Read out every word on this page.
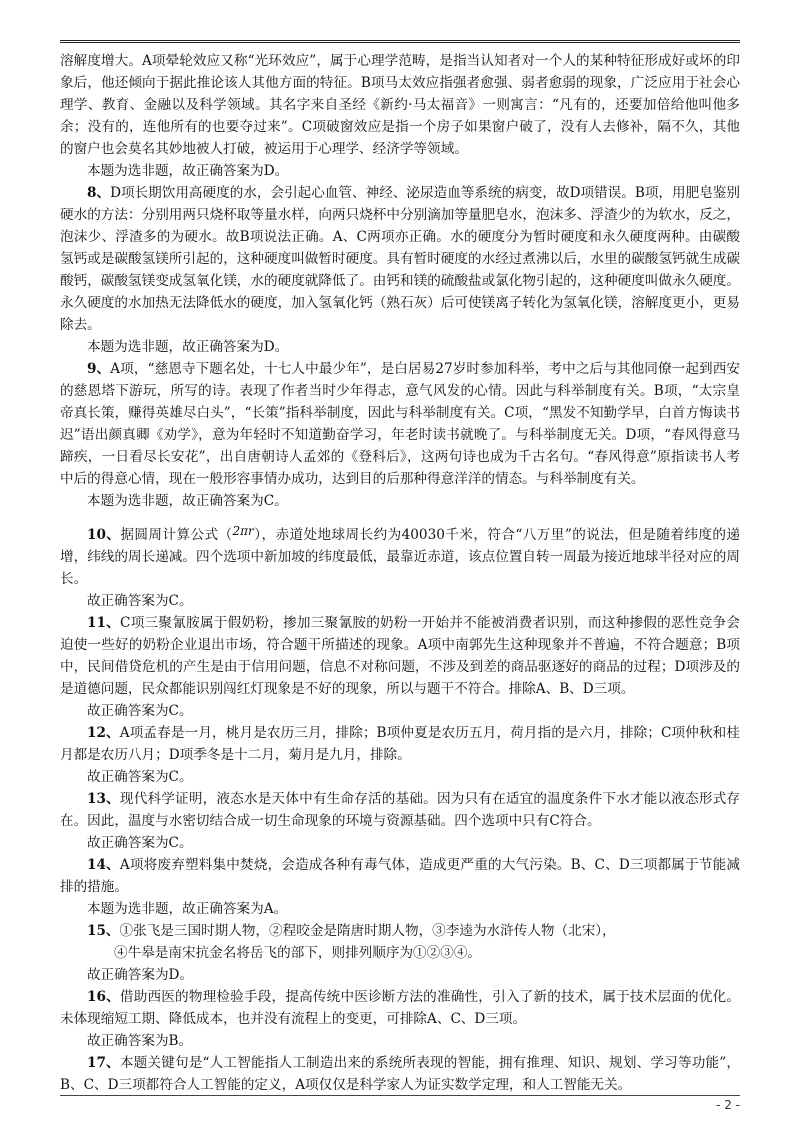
溶解度增大。A项晕轮效应又称“光环效应”，属于心理学范畴，是指当认知者对一个人的某种特征形成好或坏的印象后，他还倾向于据此推论该人其他方面的特征。B项马太效应指强者愈强、弱者愈弱的现象，广泛应用于社会心理学、教育、金融以及科学领域。其名字来自圣经《新约·马太福音》一则寓言：“凡有的，还要加倍给他叫他多余；没有的，连他所有的也要夺过来”。C项破窗效应是指一个房子如果窗户破了，没有人去修补，隔不久，其他的窗户也会莫名其妙地被人打破，被运用于心理学、经济学等领域。

本题为选非题，故正确答案为D。

8、D项长期饮用高硬度的水，会引起心血管、神经、泌尿造血等系统的病变，故D项错误。B项，用肥皂鉴别硬水的方法：分别用两只烧杯取等量水样，向两只烧杯中分别滴加等量肥皂水，泡沫多、浮渣少的为软水，反之，泡沫少、浮渣多的为硬水。故B项说法正确。A、C两项亦正确。水的硬度分为暂时硬度和永久硬度两种。由碳酸氢钙或是碳酸氢镁所引起的，这种硬度叫做暂时硬度。具有暂时硬度的水经过煮沸以后，水里的碳酸氢钙就生成碳酸钙，碳酸氢镁变成氢氧化镁，水的硬度就降低了。由钙和镁的硫酸盐或氯化物引起的，这种硬度叫做永久硬度。永久硬度的水加热无法降低水的硬度，加入氢氧化钙（熟石灰）后可使镁离子转化为氢氧化镁，溶解度更小，更易除去。

本题为选非题，故正确答案为D。

9、A项，“慈恩寺下题名处，十七人中最少年”，是白居易27岁时参加科举，考中之后与其他同僚一起到西安的慈恩塔下游玩，所写的诗。表现了作者当时少年得志，意气风发的心情。因此与科举制度有关。B项，“太宗皇帝真长策，赚得英雄尽白头”，“长策”指科举制度，因此与科举制度有关。C项，“黑发不知勤学早，白首方悔读书迟”语出颜真卿《劝学》，意为年轻时不知道勤奋学习，年老时读书就晚了。与科举制度无关。D项，“春风得意马蹄疾，一日看尽长安花”，出自唐朝诗人孟郊的《登科后》，这两句诗也成为千古名句。“春风得意”原指读书人考中后的得意心情，现在一般形容事情办成功，达到目的后那种得意洋洋的情态。与科举制度有关。

本题为选非题，故正确答案为C。

10、据圆周计算公式（2πr），赤道处地球周长约为40030千米，符合“八万里”的说法，但是随着纬度的递增，纬线的周长递减。四个选项中新加坡的纬度最低，最靠近赤道，该点位置自转一周最为接近地球半径对应的周长。

故正确答案为C。

11、C项三聚氰胺属于假奶粉，掺加三聚氰胺的奶粉一开始并不能被消费者识别，而这种掺假的恶性竞争会迫使一些好的奶粉企业退出市场，符合题干所描述的现象。A项中南郭先生这种现象并不普遍，不符合题意；B项中，民间借贷危机的产生是由于信用问题，信息不对称问题，不涉及到差的商品驱逐好的商品的过程；D项涉及的是道德问题，民众都能识别闯红灯现象是不好的现象，所以与题干不符合。排除A、B、D三项。

故正确答案为C。

12、A项孟春是一月，桃月是农历三月，排除；B项仲夏是农历五月，荷月指的是六月，排除；C项仲秋和桂月都是农历八月；D项季冬是十二月，菊月是九月，排除。

故正确答案为C。

13、现代科学证明，液态水是天体中有生命存活的基础。因为只有在适宜的温度条件下水才能以液态形式存在。因此，温度与水密切结合成一切生命现象的环境与资源基础。四个选项中只有C符合。

故正确答案为C。

14、A项将废弃塑料集中焚烧，会造成各种有毒气体，造成更严重的大气污染。B、C、D三项都属于节能减排的措施。

本题为选非题，故正确答案为A。

15、①张飞是三国时期人物，②程咬金是隋唐时期人物，③李逵为水浒传人物（北宋），

④牛皋是南宋抗金名将岳飞的部下，则排列顺序为①②③④。

故正确答案为D。

16、借助西医的物理检验手段，提高传统中医诊断方法的准确性，引入了新的技术，属于技术层面的优化。未体现缩短工期、降低成本，也并没有流程上的变更，可排除A、C、D三项。

故正确答案为B。

17、本题关键句是“人工智能指人工制造出来的系统所表现的智能，拥有推理、知识、规划、学习等功能”，B、C、D三项都符合人工智能的定义，A项仅仅是科学家人为证实数学定理，和人工智能无关。

- 2 -
